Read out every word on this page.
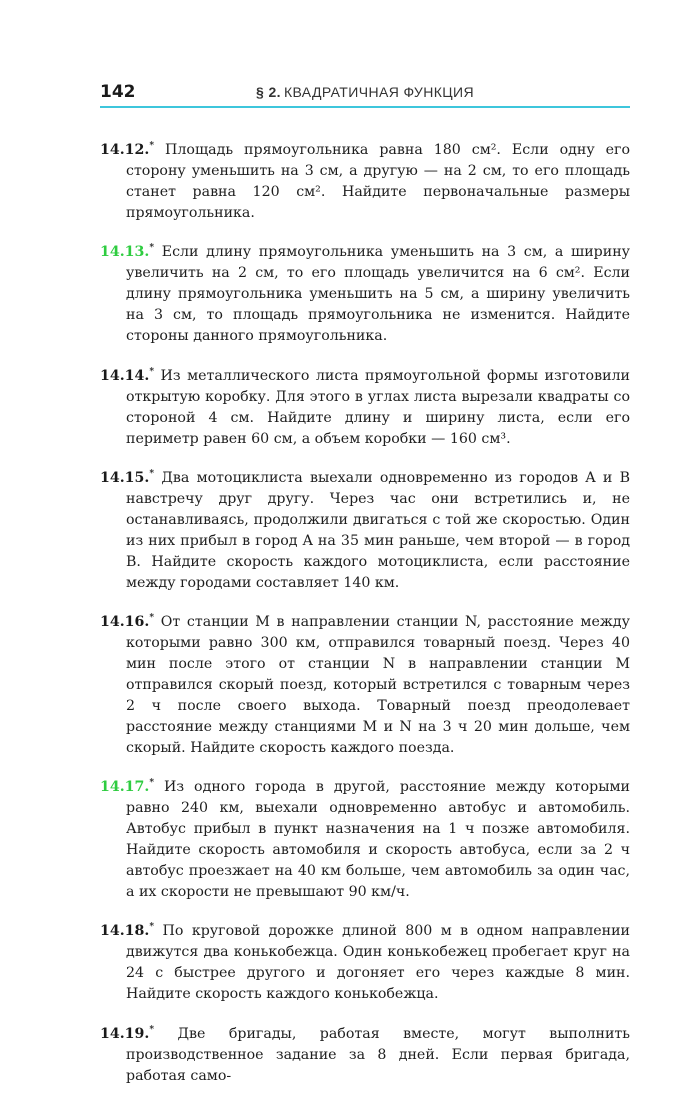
142	§ 2. КВАДРАТИЧНАЯ ФУНКЦИЯ

14.12.* Площадь прямоугольника равна 180 см². Если одну его сторону уменьшить на 3 см, а другую — на 2 см, то его площадь станет равна 120 см². Найдите первоначальные размеры прямоугольника.

14.13.* Если длину прямоугольника уменьшить на 3 см, а ширину увеличить на 2 см, то его площадь увеличится на 6 см². Если длину прямоугольника уменьшить на 5 см, а ширину увеличить на 3 см, то площадь прямоугольника не изменится. Найдите стороны данного прямоугольника.

14.14.* Из металлического листа прямоугольной формы изготовили открытую коробку. Для этого в углах листа вырезали квадраты со стороной 4 см. Найдите длину и ширину листа, если его периметр равен 60 см, а объем коробки — 160 см³.

14.15.* Два мотоциклиста выехали одновременно из городов A и B навстречу друг другу. Через час они встретились и, не останавливаясь, продолжили двигаться с той же скоростью. Один из них прибыл в город A на 35 мин раньше, чем второй — в город B. Найдите скорость каждого мотоциклиста, если расстояние между городами составляет 140 км.

14.16.* От станции M в направлении станции N, расстояние между которыми равно 300 км, отправился товарный поезд. Через 40 мин после этого от станции N в направлении станции M отправился скорый поезд, который встретился с товарным через 2 ч после своего выхода. Товарный поезд преодолевает расстояние между станциями M и N на 3 ч 20 мин дольше, чем скорый. Найдите скорость каждого поезда.

14.17.* Из одного города в другой, расстояние между которыми равно 240 км, выехали одновременно автобус и автомобиль. Автобус прибыл в пункт назначения на 1 ч позже автомобиля. Найдите скорость автомобиля и скорость автобуса, если за 2 ч автобус проезжает на 40 км больше, чем автомобиль за один час, а их скорости не превышают 90 км/ч.

14.18.* По круговой дорожке длиной 800 м в одном направлении движутся два конькобежца. Один конькобежец пробегает круг на 24 с быстрее другого и догоняет его через каждые 8 мин. Найдите скорость каждого конькобежца.

14.19.* Две бригады, работая вместе, могут выполнить производственное задание за 8 дней. Если первая бригада, работая само-
